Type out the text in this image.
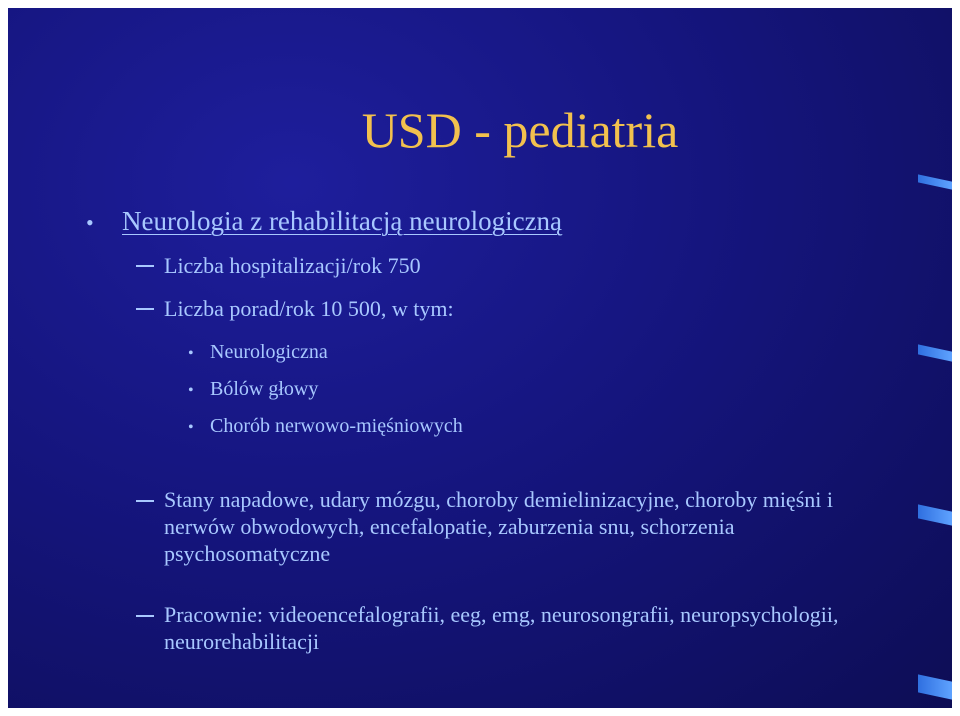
USD - pediatria
• Neurologia z rehabilitacją neurologiczną
Liczba hospitalizacji/rok 750
Liczba porad/rok 10 500, w tym:
• Neurologiczna
• Bólów głowy
• Chorób nerwowo-mięśniowych
Stany napadowe, udary mózgu, choroby demielinizacyjne, choroby mięśni i nerwów obwodowych, encefalopatie, zaburzenia snu, schorzenia psychosomatyczne
Pracownie: videoencefalografii, eeg, emg, neurosongrafii, neuropsychologii, neurorehabilitacji
